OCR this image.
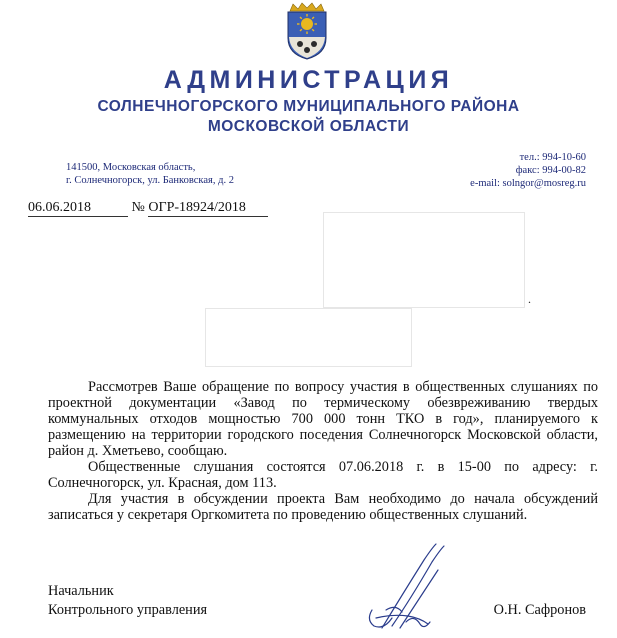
АДМИНИСТРАЦИЯ
СОЛНЕЧНОГОРСКОГО МУНИЦИПАЛЬНОГО РАЙОНА
МОСКОВСКОЙ ОБЛАСТИ
141500, Московская область,
г. Солнечногорск, ул. Банковская, д. 2
тел.: 994-10-60
факс: 994-00-82
e-mail: solngor@mosreg.ru
06.06.2018	№ ОГР-18924/2018
.

Рассмотрев Ваше обращение по вопросу участия в общественных слушаниях по проектной документации «Завод по термическому обезвреживанию твердых коммунальных отходов мощностью 700 000 тонн ТКО в год», планируемого к размещению на территории городского поседения Солнечногорск Московской области, район д. Хметьево, сообщаю.

Общественные слушания состоятся 07.06.2018 г. в 15-00 по адресу: г. Солнечногорск, ул. Красная, дом 113.

Для участия в обсуждении проекта Вам необходимо до начала обсуждений записаться у секретаря Оргкомитета по проведению общественных слушаний.

Начальник
Контрольного управления	О.Н. Сафронов
